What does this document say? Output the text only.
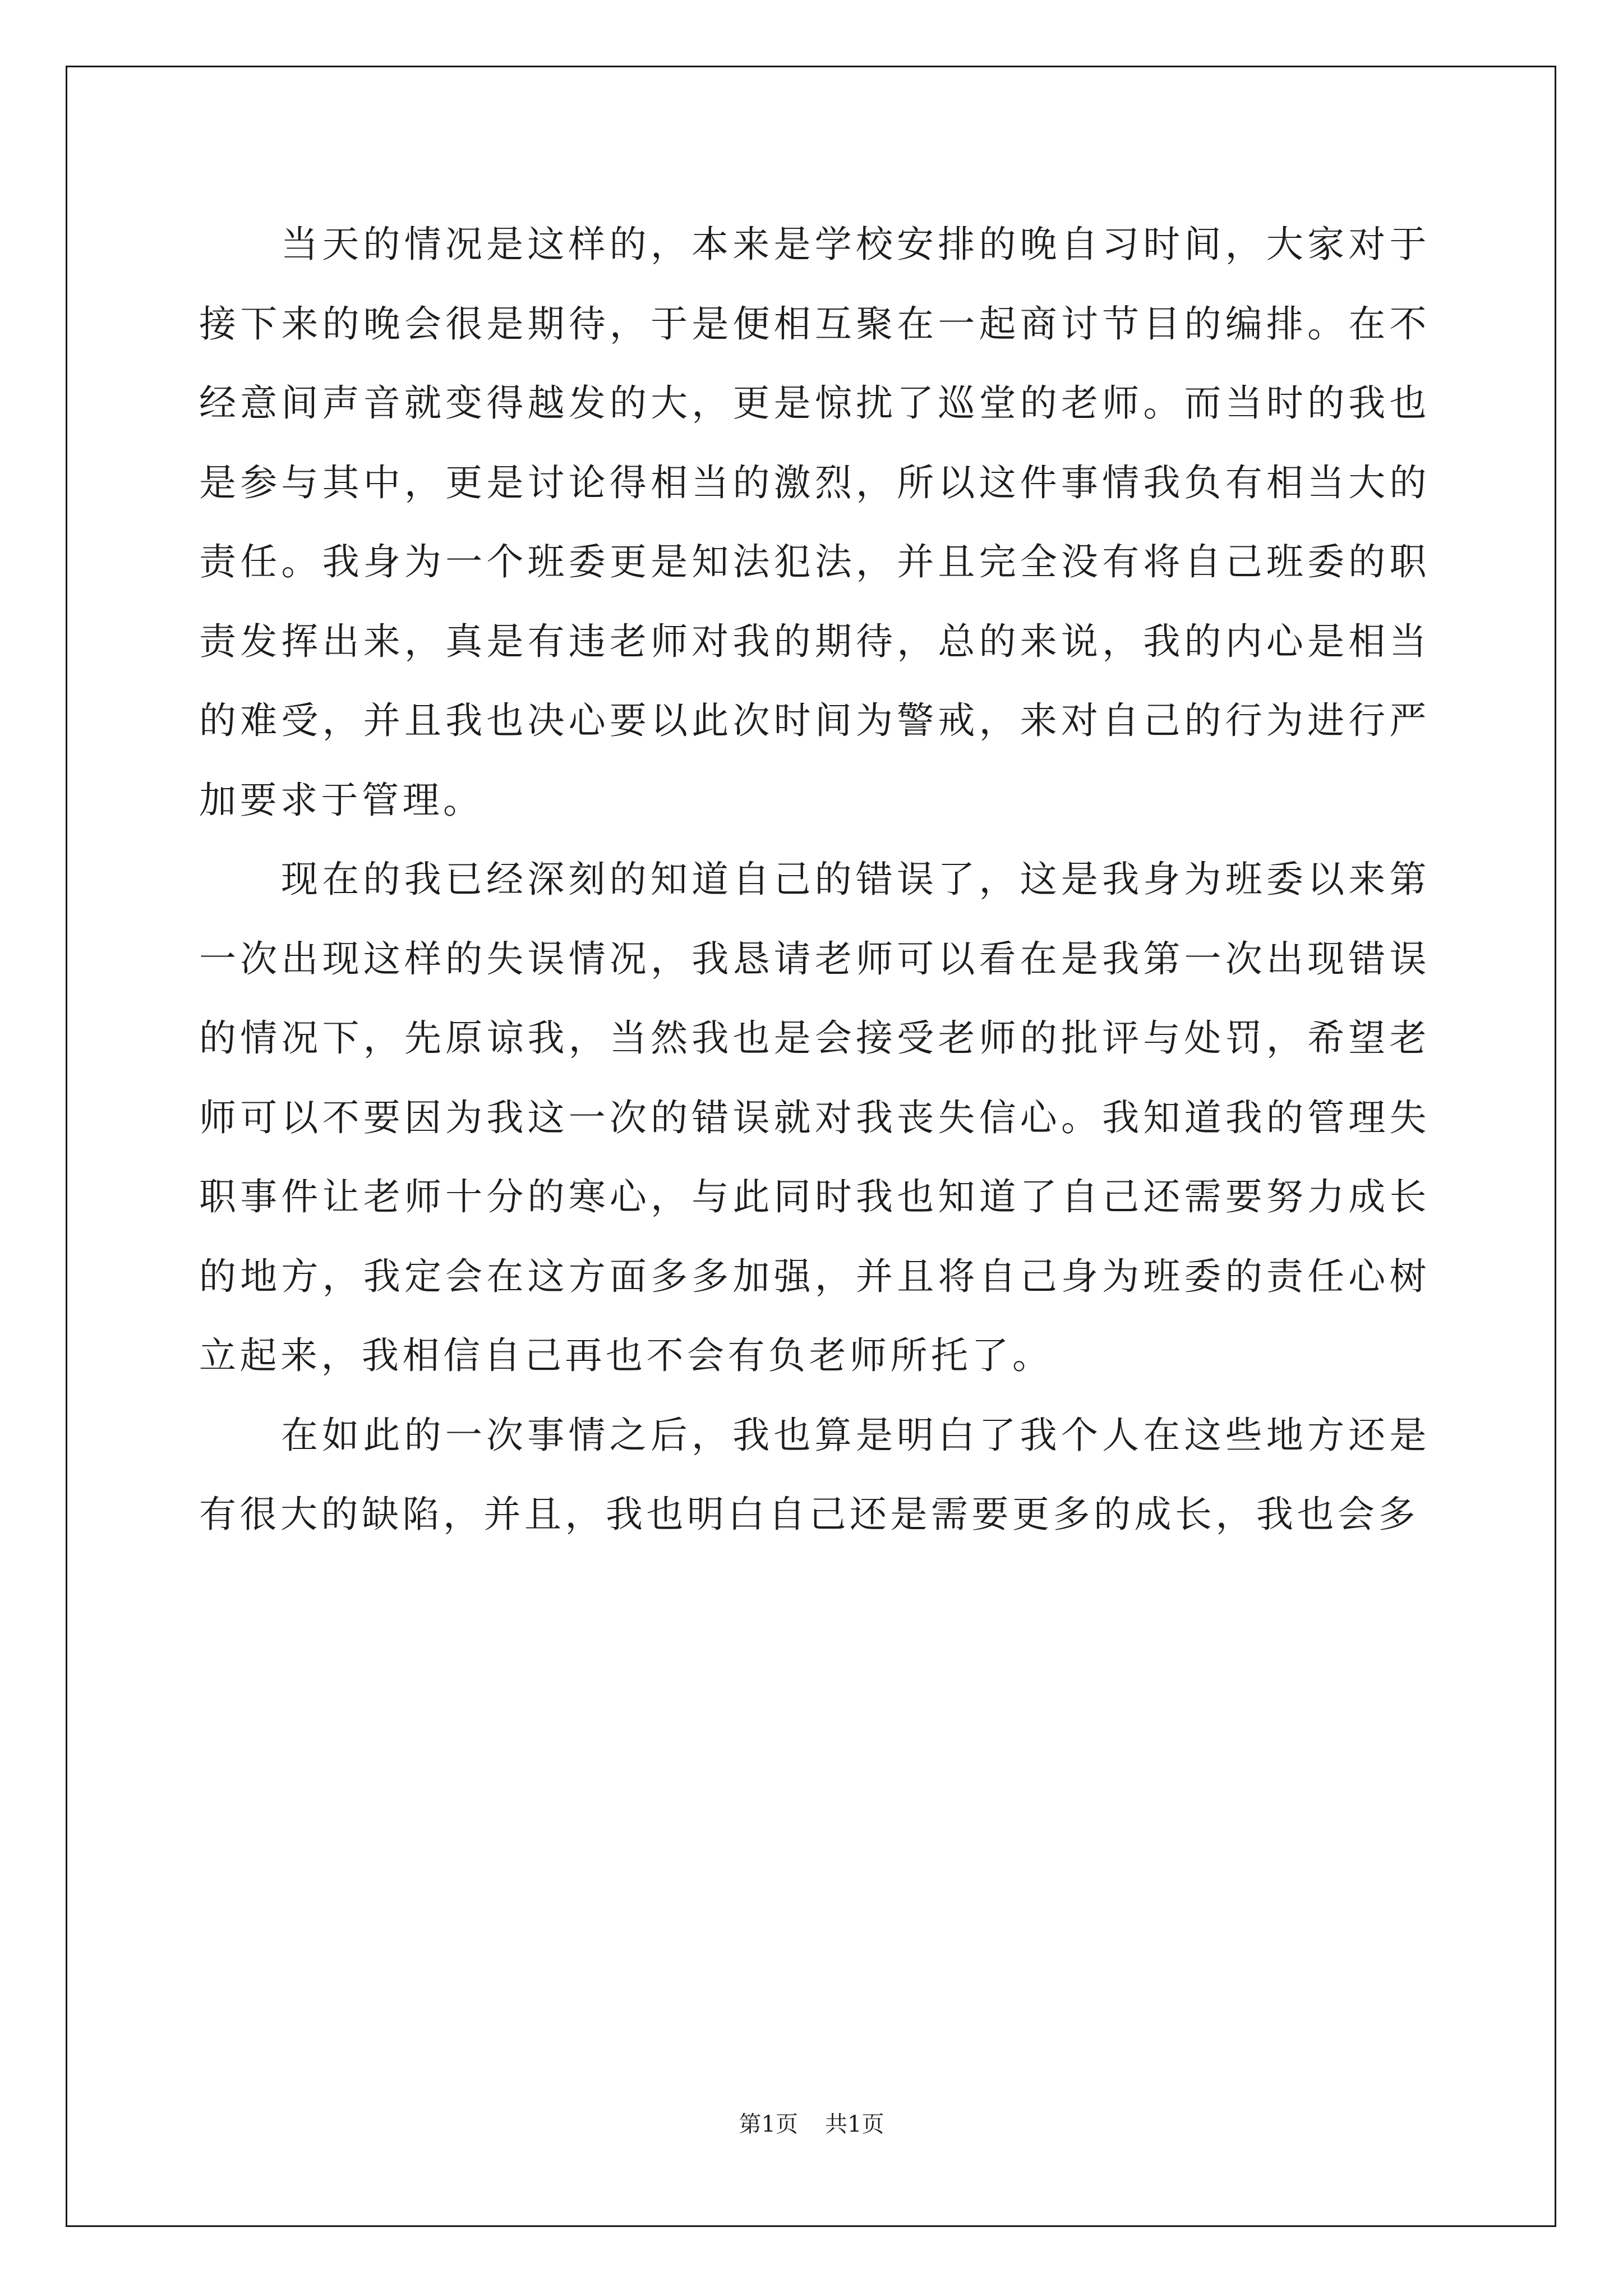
当天的情况是这样的，本来是学校安排的晚自习时间，大家对于接下来的晚会很是期待，于是便相互聚在一起商讨节目的编排。在不经意间声音就变得越发的大，更是惊扰了巡堂的老师。而当时的我也是参与其中，更是讨论得相当的激烈，所以这件事情我负有相当大的责任。我身为一个班委更是知法犯法，并且完全没有将自己班委的职责发挥出来，真是有违老师对我的期待，总的来说，我的内心是相当的难受，并且我也决心要以此次时间为警戒，来对自己的行为进行严加要求于管理。

现在的我已经深刻的知道自己的错误了，这是我身为班委以来第一次出现这样的失误情况，我恳请老师可以看在是我第一次出现错误的情况下，先原谅我，当然我也是会接受老师的批评与处罚，希望老师可以不要因为我这一次的错误就对我丧失信心。我知道我的管理失职事件让老师十分的寒心，与此同时我也知道了自己还需要努力成长的地方，我定会在这方面多多加强，并且将自己身为班委的责任心树立起来，我相信自己再也不会有负老师所托了。

在如此的一次事情之后，我也算是明白了我个人在这些地方还是有很大的缺陷，并且，我也明白自己还是需要更多的成长，我也会多

第1页 共1页
